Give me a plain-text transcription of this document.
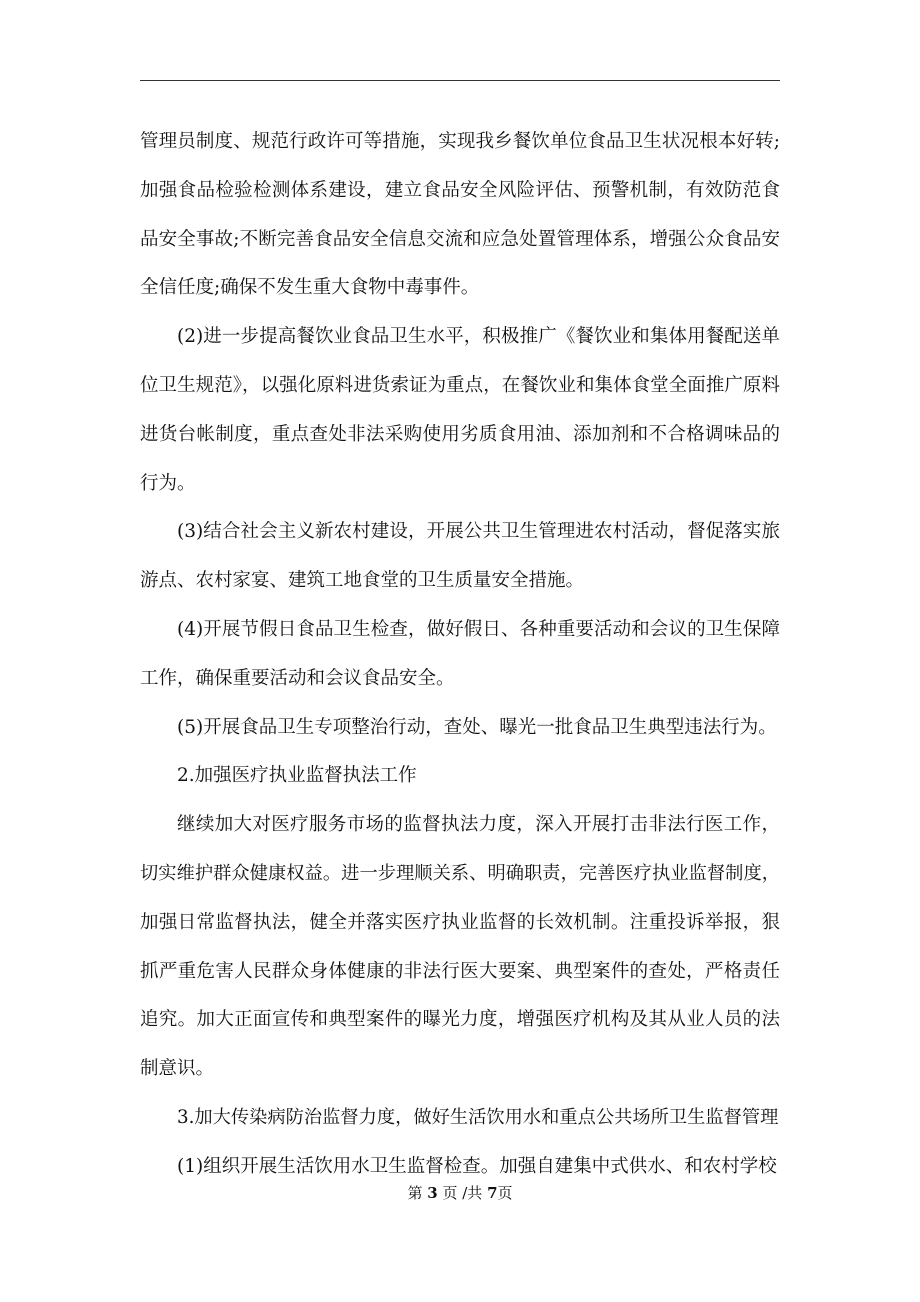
管理员制度、规范行政许可等措施，实现我乡餐饮单位食品卫生状况根本好转;
加强食品检验检测体系建设，建立食品安全风险评估、预警机制，有效防范食
品安全事故;不断完善食品安全信息交流和应急处置管理体系，增强公众食品安
全信任度;确保不发生重大食物中毒事件。
(2)进一步提高餐饮业食品卫生水平，积极推广《餐饮业和集体用餐配送单
位卫生规范》，以强化原料进货索证为重点，在餐饮业和集体食堂全面推广原料
进货台帐制度，重点查处非法采购使用劣质食用油、添加剂和不合格调味品的
行为。
(3)结合社会主义新农村建设，开展公共卫生管理进农村活动，督促落实旅
游点、农村家宴、建筑工地食堂的卫生质量安全措施。
(4)开展节假日食品卫生检查，做好假日、各种重要活动和会议的卫生保障
工作，确保重要活动和会议食品安全。
(5)开展食品卫生专项整治行动，查处、曝光一批食品卫生典型违法行为。
2.加强医疗执业监督执法工作
继续加大对医疗服务市场的监督执法力度，深入开展打击非法行医工作，
切实维护群众健康权益。进一步理顺关系、明确职责，完善医疗执业监督制度，
加强日常监督执法，健全并落实医疗执业监督的长效机制。注重投诉举报，狠
抓严重危害人民群众身体健康的非法行医大要案、典型案件的查处，严格责任
追究。加大正面宣传和典型案件的曝光力度，增强医疗机构及其从业人员的法
制意识。
3.加大传染病防治监督力度，做好生活饮用水和重点公共场所卫生监督管理
(1)组织开展生活饮用水卫生监督检查。加强自建集中式供水、和农村学校
第 3 页 /共 7页
